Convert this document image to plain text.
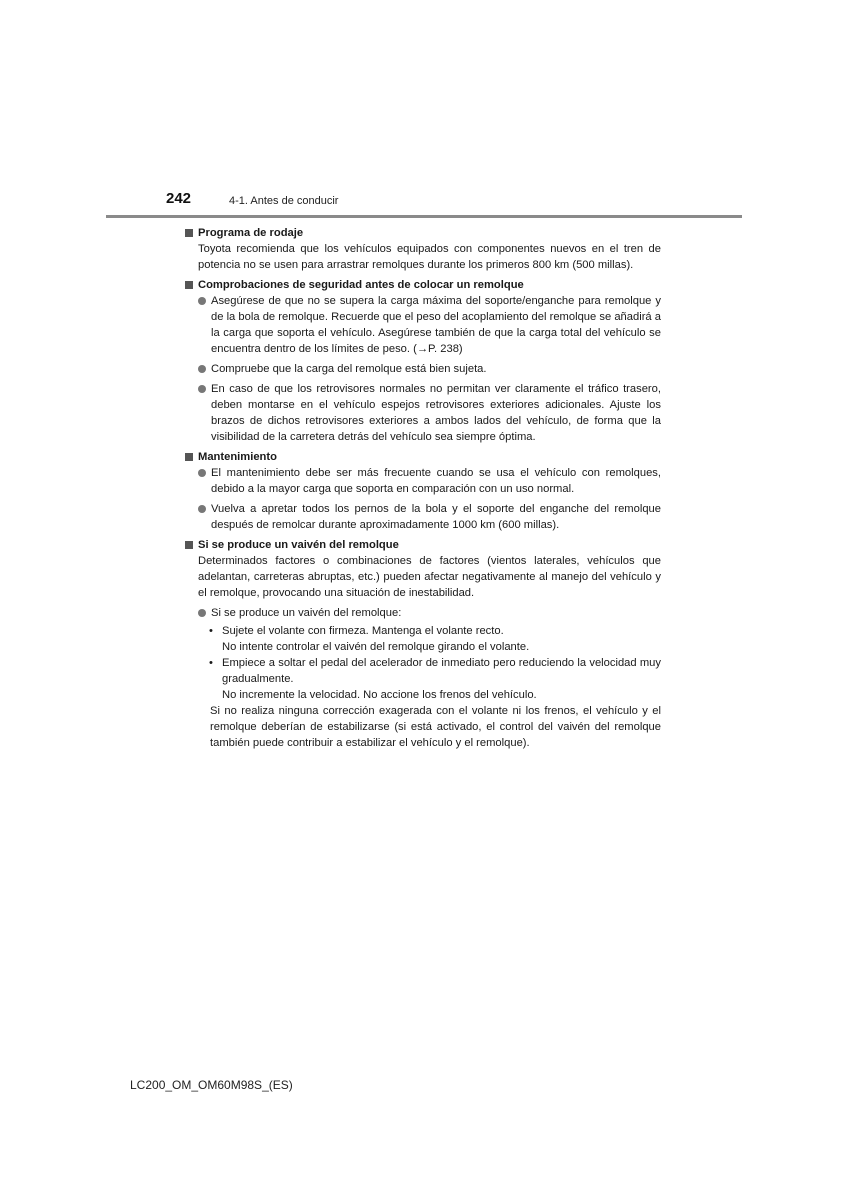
242	4-1. Antes de conducir
Programa de rodaje
Toyota recomienda que los vehículos equipados con componentes nuevos en el tren de potencia no se usen para arrastrar remolques durante los primeros 800 km (500 millas).
Comprobaciones de seguridad antes de colocar un remolque
Asegúrese de que no se supera la carga máxima del soporte/enganche para remolque y de la bola de remolque. Recuerde que el peso del acoplamiento del remolque se añadirá a la carga que soporta el vehículo. Asegúrese también de que la carga total del vehículo se encuentra dentro de los límites de peso. (→P. 238)
Compruebe que la carga del remolque está bien sujeta.
En caso de que los retrovisores normales no permitan ver claramente el tráfico trasero, deben montarse en el vehículo espejos retrovisores exteriores adicionales. Ajuste los brazos de dichos retrovisores exteriores a ambos lados del vehículo, de forma que la visibilidad de la carretera detrás del vehículo sea siempre óptima.
Mantenimiento
El mantenimiento debe ser más frecuente cuando se usa el vehículo con remolques, debido a la mayor carga que soporta en comparación con un uso normal.
Vuelva a apretar todos los pernos de la bola y el soporte del enganche del remolque después de remolcar durante aproximadamente 1000 km (600 millas).
Si se produce un vaivén del remolque
Determinados factores o combinaciones de factores (vientos laterales, vehículos que adelantan, carreteras abruptas, etc.) pueden afectar negativamente al manejo del vehículo y el remolque, provocando una situación de inestabilidad.
Si se produce un vaivén del remolque:
• Sujete el volante con firmeza. Mantenga el volante recto.
No intente controlar el vaivén del remolque girando el volante.
• Empiece a soltar el pedal del acelerador de inmediato pero reduciendo la velocidad muy gradualmente.
No incremente la velocidad. No accione los frenos del vehículo.
Si no realiza ninguna corrección exagerada con el volante ni los frenos, el vehículo y el remolque deberían de estabilizarse (si está activado, el control del vaivén del remolque también puede contribuir a estabilizar el vehículo y el remolque).
LC200_OM_OM60M98S_(ES)
